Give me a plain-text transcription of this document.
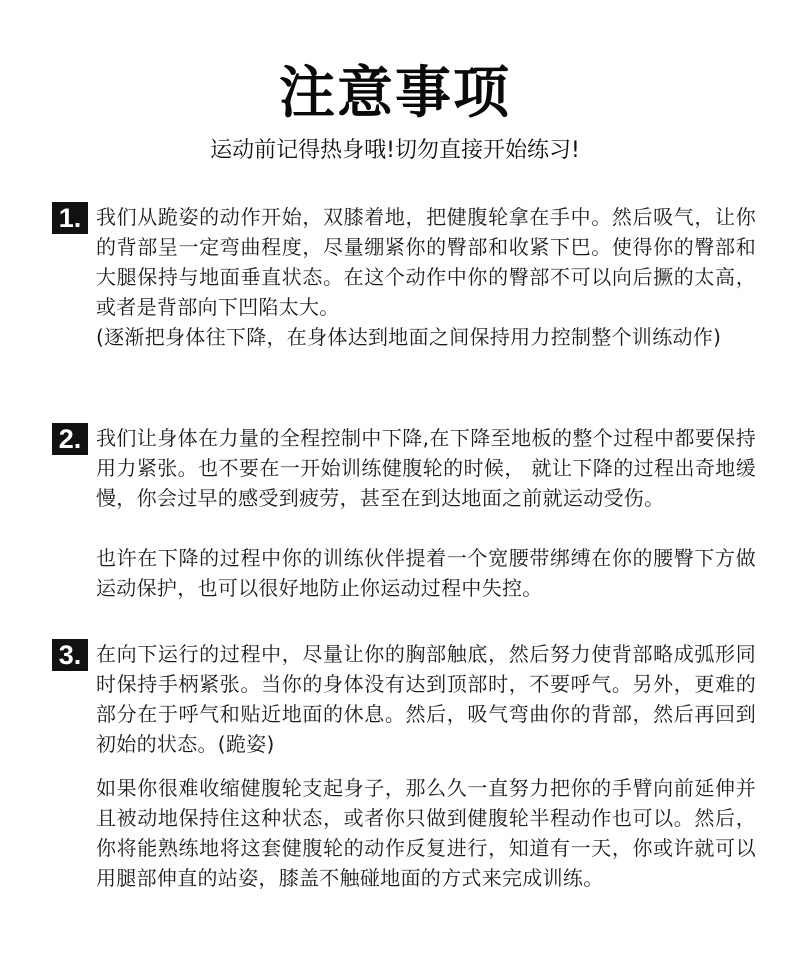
注意事项
运动前记得热身哦!切勿直接开始练习!
1. 我们从跪姿的动作开始，双膝着地，把健腹轮拿在手中。然后吸气，让你的背部呈一定弯曲程度，尽量绷紧你的臀部和收紧下巴。使得你的臀部和大腿保持与地面垂直状态。在这个动作中你的臀部不可以向后撅的太高，或者是背部向下凹陷太大。

(逐渐把身体往下降，在身体达到地面之间保持用力控制整个训练动作)

2. 我们让身体在力量的全程控制中下降,在下降至地板的整个过程中都要保持用力紧张。也不要在一开始训练健腹轮的时候， 就让下降的过程出奇地缓慢，你会过早的感受到疲劳，甚至在到达地面之前就运动受伤。

也许在下降的过程中你的训练伙伴提着一个宽腰带绑缚在你的腰臀下方做运动保护，也可以很好地防止你运动过程中失控。

3. 在向下运行的过程中，尽量让你的胸部触底，然后努力使背部略成弧形同时保持手柄紧张。当你的身体没有达到顶部时，不要呼气。另外，更难的部分在于呼气和贴近地面的休息。然后，吸气弯曲你的背部，然后再回到初始的状态。(跪姿)

如果你很难收缩健腹轮支起身子，那么久一直努力把你的手臂向前延伸并且被动地保持住这种状态，或者你只做到健腹轮半程动作也可以。然后，你将能熟练地将这套健腹轮的动作反复进行，知道有一天，你或许就可以用腿部伸直的站姿，膝盖不触碰地面的方式来完成训练。
